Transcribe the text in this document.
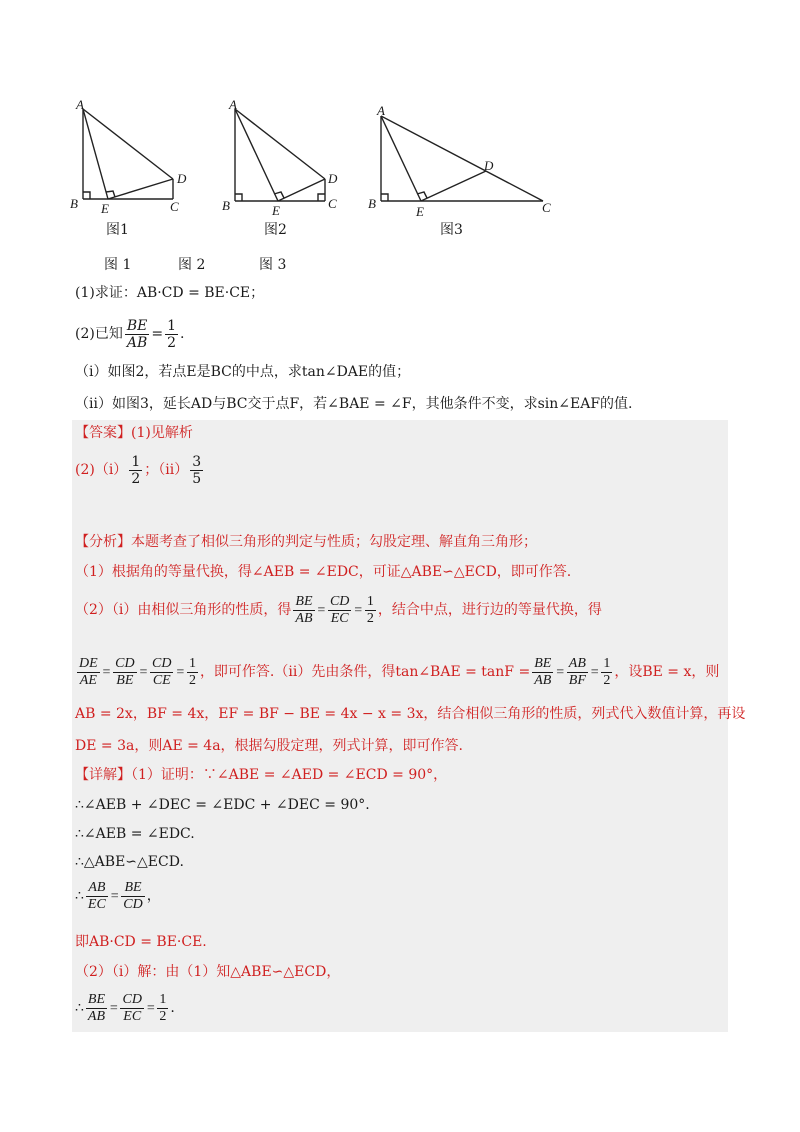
A
B	C
D
E
图1
A
B	C
D
E
图2
A
B	C
D
E
图3
图 1	图 2	图 3
(1)求证：AB·CD = BE·CE；
(2)已知 $\frac{BE}{AB} = \frac{1}{2}$ .
（ⅰ）如图2，若点E是BC的中点，求tan∠DAE的值；
（ⅱ）如图3，延长AD与BC交于点F，若∠BAE = ∠F，其他条件不变，求sin∠EAF的值.
【答案】(1)见解析
(2)（ⅰ） $\frac{1}{2}$ ；（ⅱ） $\frac{3}{5}$
【分析】本题考查了相似三角形的判定与性质；勾股定理、解直角三角形；
（1）根据角的等量代换，得∠AEB = ∠EDC，可证△ABE∽△ECD，即可作答.
（2）（ⅰ）由相似三角形的性质，得 $\frac{BE}{AB} = \frac{CD}{EC} = \frac{1}{2}$ ，结合中点，进行边的等量代换，得
$\frac{DE}{AE} = \frac{CD}{BE} = \frac{CD}{CE} = \frac{1}{2}$ ，即可作答.（ⅱ）先由条件，得tan∠BAE = $\tan F = \frac{BE}{AB} = \frac{AB}{BF} = \frac{1}{2}$ ，设BE = x，则
AB = 2x，BF = 4x，EF = BF − BE = 4x − x = 3x，结合相似三角形的性质，列式代入数值计算，再设
DE = 3a，则AE = 4a，根据勾股定理，列式计算，即可作答.
【详解】（1）证明：∵∠ABE = ∠AED = ∠ECD = 90°，
∴∠AEB + ∠DEC = ∠EDC + ∠DEC = 90°.
∴∠AEB = ∠EDC.
∴△ABE∽△ECD.
∴ $\frac{AB}{EC} = \frac{BE}{CD}$ ，
即AB·CD = BE·CE.
（2）（ⅰ）解：由（1）知△ABE∽△ECD，
∴ $\frac{BE}{AB} = \frac{CD}{EC} = \frac{1}{2}$ .
